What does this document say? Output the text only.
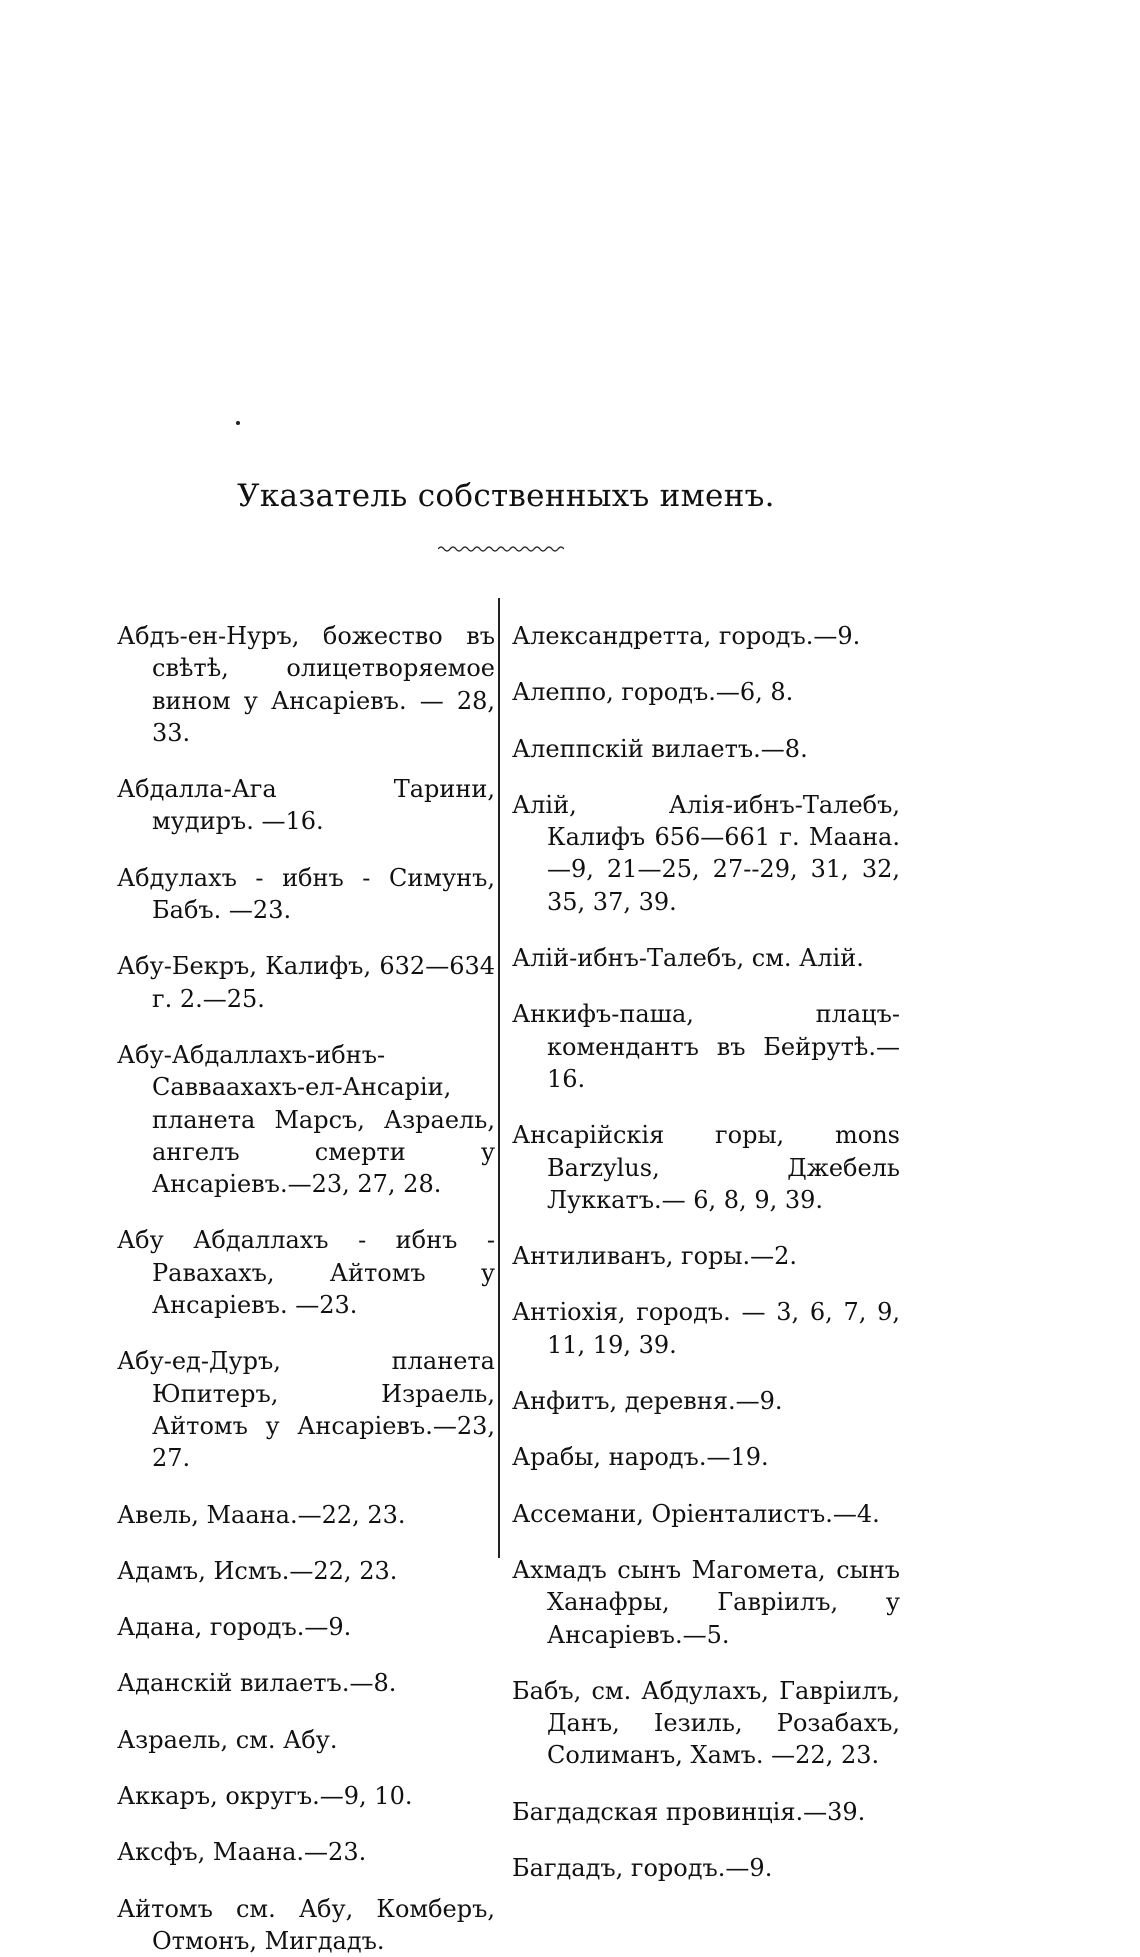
Указатель собственныхъ именъ.

Абдъ-ен-Нуръ, божество въ свѣтѣ, олицетворяемое вином у Ансаріевъ. — 28, 33.

Абдалла-Ага Тарини, мудиръ. —16.

Абдулахъ - ибнъ - Симунъ, Бабъ. —23.

Абу-Бекръ, Калифъ, 632—634 г. 2.—25.

Абу-Абдаллахъ-ибнъ-Савваахахъ-ел-Ансаріи, планета Марсъ, Азраель, ангелъ смерти у Ансаріевъ.—23, 27, 28.

Абу Абдаллахъ - ибнъ - Равахахъ, Айтомъ у Ансаріевъ. —23.

Абу-ед-Дуръ, планета Юпитеръ, Израель, Айтомъ у Ансаріевъ.—23, 27.

Авель, Маана.—22, 23.

Адамъ, Исмъ.—22, 23.

Адана, городъ.—9.

Аданскій вилаетъ.—8.

Азраель, см. Абу.

Аккаръ, округъ.—9, 10.

Аксфъ, Маана.—23.

Айтомъ см. Абу, Комберъ, Отмонъ, Мигдадъ.

Александретта, городъ.—9.

Алеппо, городъ.—6, 8.

Алеппскій вилаетъ.—8.

Алій, Алія-ибнъ-Талебъ, Калифъ 656—661 г. Маана. —9, 21—25, 27--29, 31, 32, 35, 37, 39.

Алій-ибнъ-Талебъ, см. Алій.

Анкифъ-паша, плацъ-комендантъ въ Бейрутѣ.—16.

Ансарійскія горы, mons Barzylus, Джебель Луккатъ.— 6, 8, 9, 39.

Антиливанъ, горы.—2.

Антіохія, городъ. — 3, 6, 7, 9, 11, 19, 39.

Анфитъ, деревня.—9.

Арабы, народъ.—19.

Ассемани, Оріенталистъ.—4.

Ахмадъ сынъ Магомета, сынъ Ханафры, Гавріилъ, у Ансаріевъ.—5.

Бабъ, см. Абдулахъ, Гавріилъ, Данъ, Іезиль, Розабахъ, Солиманъ, Хамъ. —22, 23.

Багдадская провинція.—39.

Багдадъ, городъ.—9.
